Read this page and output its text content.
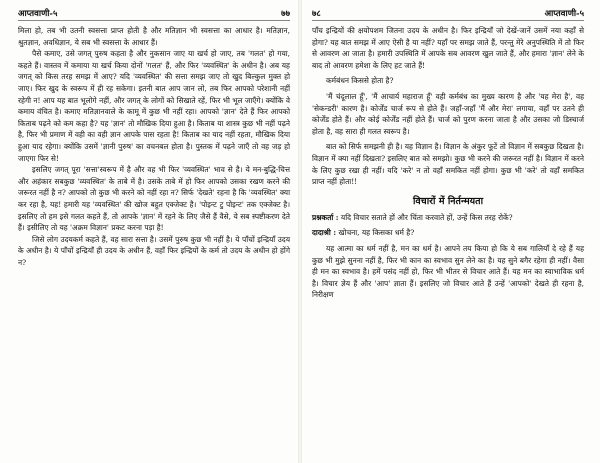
आप्तवाणी-५	७७

मिला हो, तब भी उतनी स्वसत्ता प्राप्त होती है और मतिज्ञान भी स्वसत्ता का आधार है। मतिज्ञान, श्रुतज्ञान, अवधिज्ञान, ये सब भी स्वसत्ता के आधार हैं।

पैसे कमाए, उसे जगत् पुरुष कहता है और नुकसान जाए या खर्च हो जाए, तब 'गलत' हो गया, कहते हैं। वास्तव में कमाया या खर्च किया दोनों 'गलत' हैं, और फिर 'व्यवस्थित' के अधीन है। अब यह जगत् को किस तरह समझ में आए? यदि 'व्यवस्थित' की सत्ता समझ जाए तो खुद बिल्कुल मुक्त हो जाए। फिर खुद के स्वरूप में ही रह सकेगा। इतनी बात आप जान लो, तब फिर आपको परेशानी नहीं रहेगी न! आप यह बात भूलोगे नहीं, और जगत् के लोगों को सिखाते रहें, फिर भी भूल जाएँगे। क्योंकि वे कमाय वंचित है। कमाए मतिज्ञानवाले के कामू में कुछ भी नहीं रहा। आपको 'ज्ञान' देते हैं फिर आपको किताब पढ़ने को कम कहा है? यह 'ज्ञान' तो मौखिक दिया हुआ है। किताब या शास्त्र कुछ भी नहीं पढ़ने है, फिर भी प्रमाण में वही का वही ज्ञान आपके पास रहता है! किताब का याद नहीं रहता, मौखिक दिया हुआ याद रहेगा। क्योंकि उसमें 'ज्ञानी पुरुष' का वचनबल होता है। पुस्तक में पढ़ने जाएँ तो वह जड़ हो जाएगा फिर से!

इसलिए जगत् पूरा 'सत्ता'स्वरूप में है और वह भी फिर 'व्यवस्थित' भाव से है। ये मन-बुद्धि-चित्त और अहंकार सबकुछ 'व्यवस्थित' के ताबे में है। उसके ताबे में हो फिर आपको उसका रखण करने की जरूरत नहीं है न? आपको तो कुछ भी करने को नहीं रहा न? सिर्फ 'देखते' रहना है कि 'व्यवस्थित' क्या कर रहा है, यह! हमारी यह 'व्यवस्थित' की खोज बहुत एक्जेक्ट है। 'पोइन्ट टु पोइन्ट' तक एक्जेक्ट है। इसलिए तो हम इसे गलत कहते हैं, तो आपके 'ज्ञान' में रहने के लिए जैसे हैं वैसे, ये सब स्पष्टीकरण देते हैं। इसीलिए तो यह 'अक्रम विज्ञान' प्रकट करना पड़ा है!

जिसे लोग उदयकर्म कहते हैं, वह सारा सत्ता है। उसमें पुरुष कुछ भी नहीं है। ये पाँचों इन्द्रियाँ उदय के अधीन है। ये पाँचों इन्द्रियाँ ही उदय के अधीन हैं, वहाँ फिर इन्द्रियों के कर्म तो उदय के अधीन हो होंगे न?

७८	आप्तवाणी-५

पाँच इन्द्रियों की क्षयोपशम जितना उदय के अधीन है। फिर इन्द्रियाँ जो देखें-जानें उसमें नया कहाँ से होगा? यह बात समझ में आए ऐसी है या नहीं? यहाँ पर समझ जाते हैं, परन्तु मेरे अनुपस्थिति में तो फिर से आवरण आ जाता है। हमारी उपस्थिति में आपके सब आवरण खुल जाते हैं, और हमारा 'ज्ञान' लेने के बाद तो आवरण हमेशा के लिए हट जाते हैं!

कर्मबंधन किससे होता है?

'मैं चंदूलाल हूँ', 'मैं आचार्य महाराज हूँ' वही कर्मबंध का मुख्य कारण है और 'यह मेरा है', वह 'सेकन्डरी' कारण है। कोर्जेंड चार्ज रूप से होते हैं। जहाँ-जहाँ 'मैं और मेरा' लगाया, वहाँ पर उतने ही कोर्जेंड होते हैं। और कोई कोर्जेंड नहीं होते हैं। चार्ज को पुरण करना जाता है और उसका जो डिस्चार्ज होता है, वह सारा ही गलत स्वरूप है।

बात को सिर्फ समझनी ही है। यह विज्ञान है। विज्ञान के अंकुर फूटें तो विज्ञान में सबकुछ दिखता है। विज्ञान में क्या नहीं दिखता? इसलिए बात को समझो। कुछ भी करने की जरूरत नहीं है। विज्ञान में करने के लिए कुछ रखा ही नहीं। यदि 'करे' न तो वहाँ समकित नहीं होगा। कुछ भी 'करे' तो वहाँ समकित प्राप्त नहीं होता!!

विचारों में निर्तन्मयता

प्रश्नकर्ता : यदि विचार सताते हों और चिंता करवाते हों, उन्हें किस तरह रोकें?

दादाश्री : खोचना, यह किसका धर्म है?

यह आत्मा का धर्म नहीं है, मन का धर्म है। आपने तय किया हो कि ये सब गालियाँ दे रहे हैं यह कुछ भी मुझे सुनना नहीं है, फिर भी कान का स्वभाव सुन लेने का है। यह सुने बगैर रहेगा ही नहीं। वैसा ही मन का स्वभाव है। हमें पसंद नहीं हो, फिर भी भीतर से विचार आते हैं। यह मन का स्वाभाविक धर्म है। विचार ज्ञेय हैं और 'आप' ज्ञाता हैं। इसलिए जो विचार आते हैं उन्हें 'आपको' देखते ही रहना है, निरीक्षण
